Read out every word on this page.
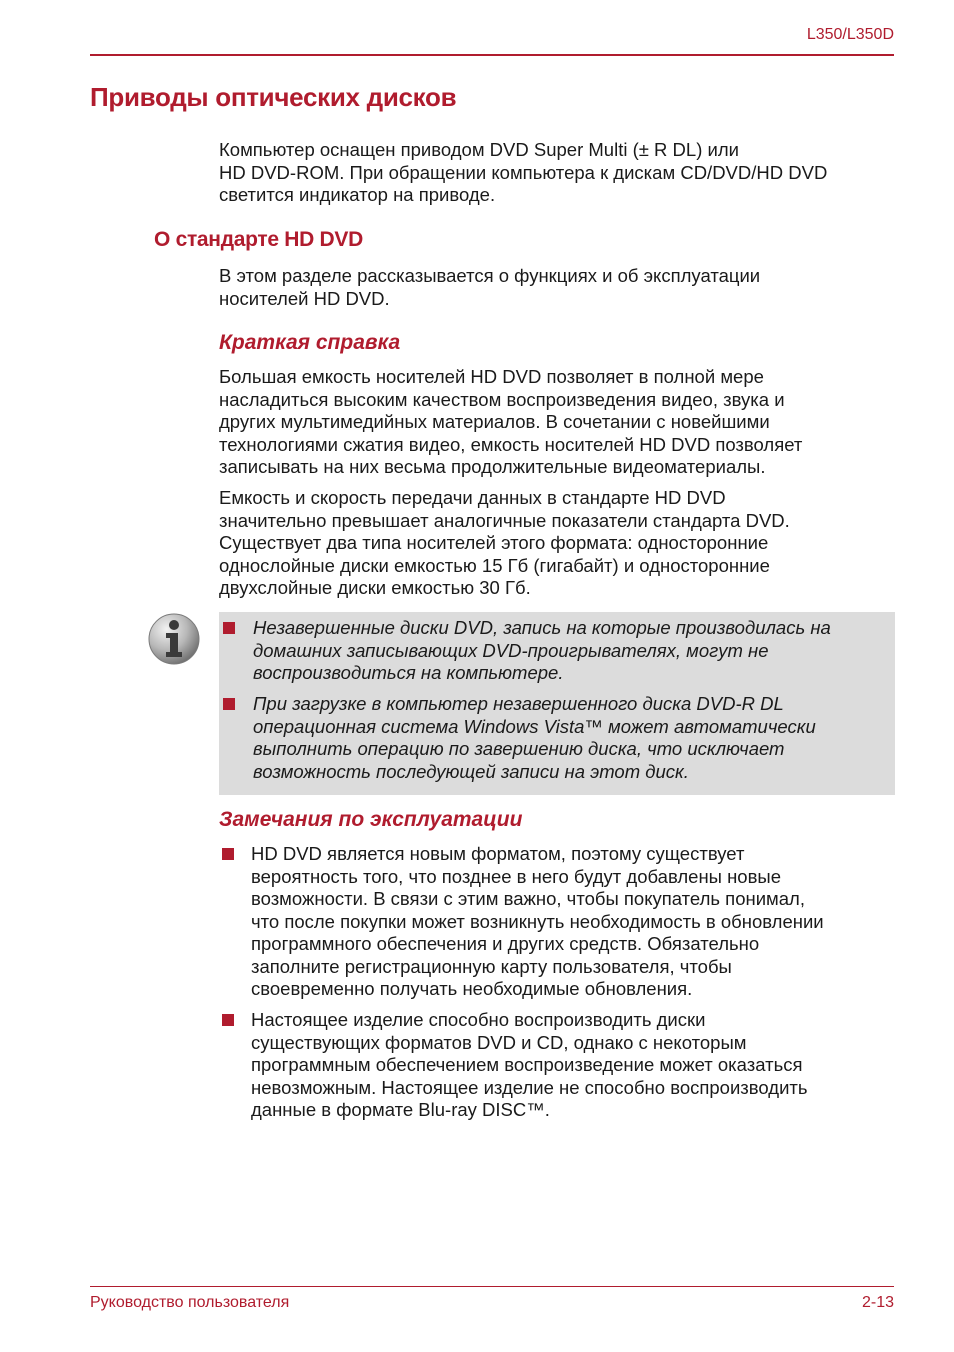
L350/L350D
Приводы оптических дисков

Компьютер оснащен приводом DVD Super Multi (± R DL) или
HD DVD-ROM. При обращении компьютера к дискам CD/DVD/HD DVD
светится индикатор на приводе.

О стандарте HD DVD

В этом разделе рассказывается о функциях и об эксплуатации
носителей HD DVD.

Краткая справка

Большая емкость носителей HD DVD позволяет в полной мере
насладиться высоким качеством воспроизведения видео, звука и
других мультимедийных материалов. В сочетании с новейшими
технологиями сжатия видео, емкость носителей HD DVD позволяет
записывать на них весьма продолжительные видеоматериалы.

Емкость и скорость передачи данных в стандарте HD DVD
значительно превышает аналогичные показатели стандарта DVD.
Существует два типа носителей этого формата: односторонние
однослойные диски емкостью 15 Гб (гигабайт) и односторонние
двухслойные диски емкостью 30 Гб.

Незавершенные диски DVD, запись на которые производилась на
домашних записывающих DVD-проигрывателях, могут не
воспроизводиться на компьютере.

При загрузке в компьютер незавершенного диска DVD-R DL
операционная система Windows Vista™ может автоматически
выполнить операцию по завершению диска, что исключает
возможность последующей записи на этот диск.

Замечания по эксплуатации

HD DVD является новым форматом, поэтому существует
вероятность того, что позднее в него будут добавлены новые
возможности. В связи с этим важно, чтобы покупатель понимал,
что после покупки может возникнуть необходимость в обновлении
программного обеспечения и других средств. Обязательно
заполните регистрационную карту пользователя, чтобы
своевременно получать необходимые обновления.

Настоящее изделие способно воспроизводить диски
существующих форматов DVD и CD, однако с некоторым
программным обеспечением воспроизведение может оказаться
невозможным. Настоящее изделие не способно воспроизводить
данные в формате Blu-ray DISC™.

Руководство пользователя	2-13
